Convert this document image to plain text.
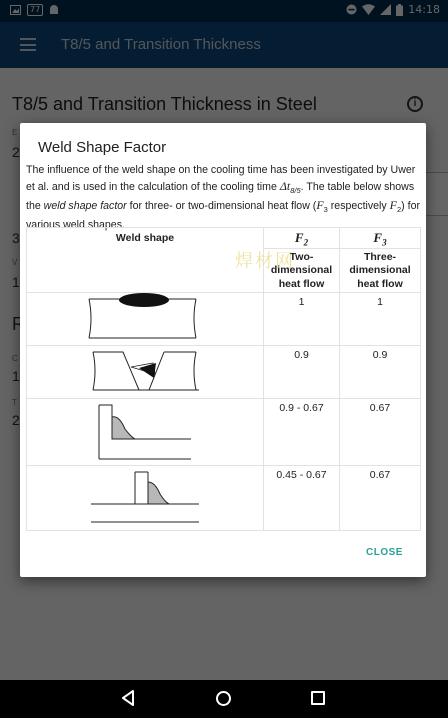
Weld Shape Factor
The influence of the weld shape on the cooling time has been investigated by Uwer et al. and is used in the calculation of the cooling time $\Delta t_{8/5}$. The table below shows the weld shape factor for three- or two-dimensional heat flow ($F_3$ respectively $F_2$) for various weld shapes.
Weld shape	$F_2$	$F_3$
	Two-dimensional heat flow	Three-dimensional heat flow

	1	1

	0.9	0.9

	0.9 - 0.67	0.67

	0.45 - 0.67	0.67
焊材网
CLOSE
